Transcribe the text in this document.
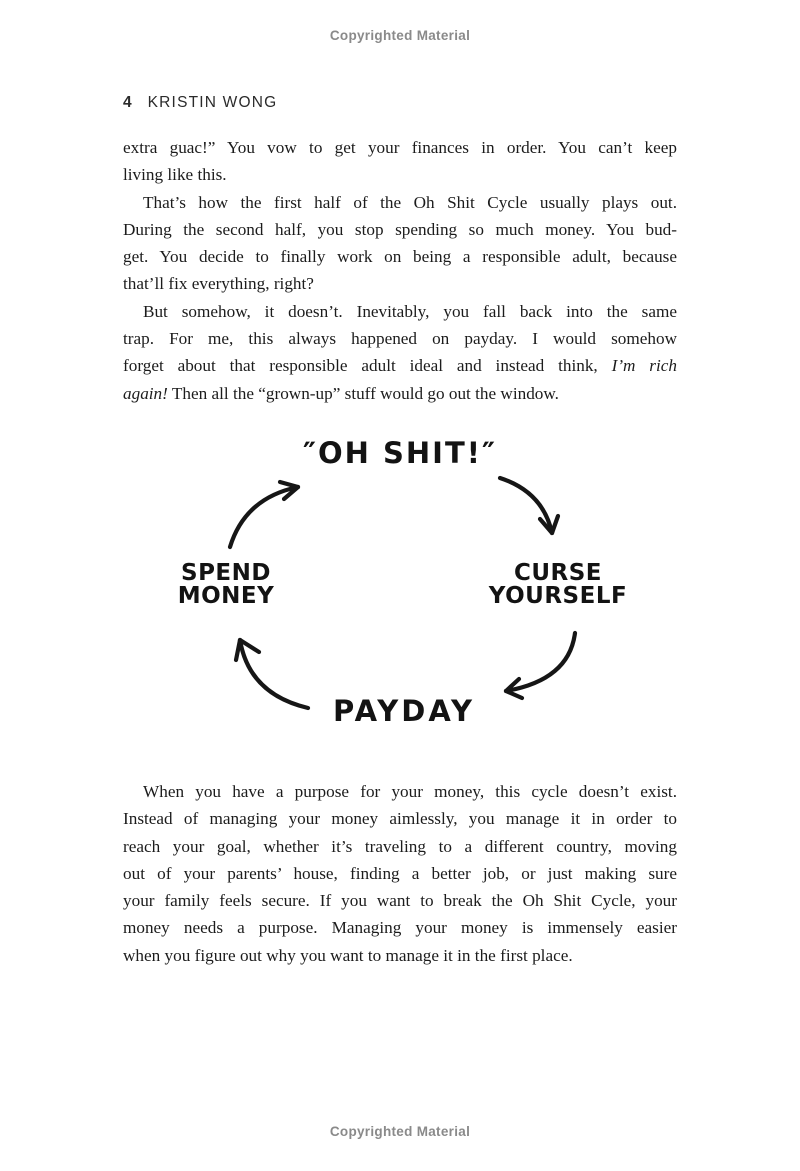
Copyrighted Material
4 KRISTIN WONG
extra guac!” You vow to get your finances in order. You can’t keep
living like this.
That’s how the first half of the Oh Shit Cycle usually plays out.
During the second half, you stop spending so much money. You bud-
get. You decide to finally work on being a responsible adult, because
that’ll fix everything, right?
But somehow, it doesn’t. Inevitably, you fall back into the same
trap. For me, this always happened on payday. I would somehow
forget about that responsible adult ideal and instead think, I’m rich
again! Then all the “grown-up” stuff would go out the window.
″OH SHIT!″
CURSE
YOURSELF
PAYDAY
SPEND
MONEY
When you have a purpose for your money, this cycle doesn’t exist.
Instead of managing your money aimlessly, you manage it in order to
reach your goal, whether it’s traveling to a different country, moving
out of your parents’ house, finding a better job, or just making sure
your family feels secure. If you want to break the Oh Shit Cycle, your
money needs a purpose. Managing your money is immensely easier
when you figure out why you want to manage it in the first place.
Copyrighted Material
